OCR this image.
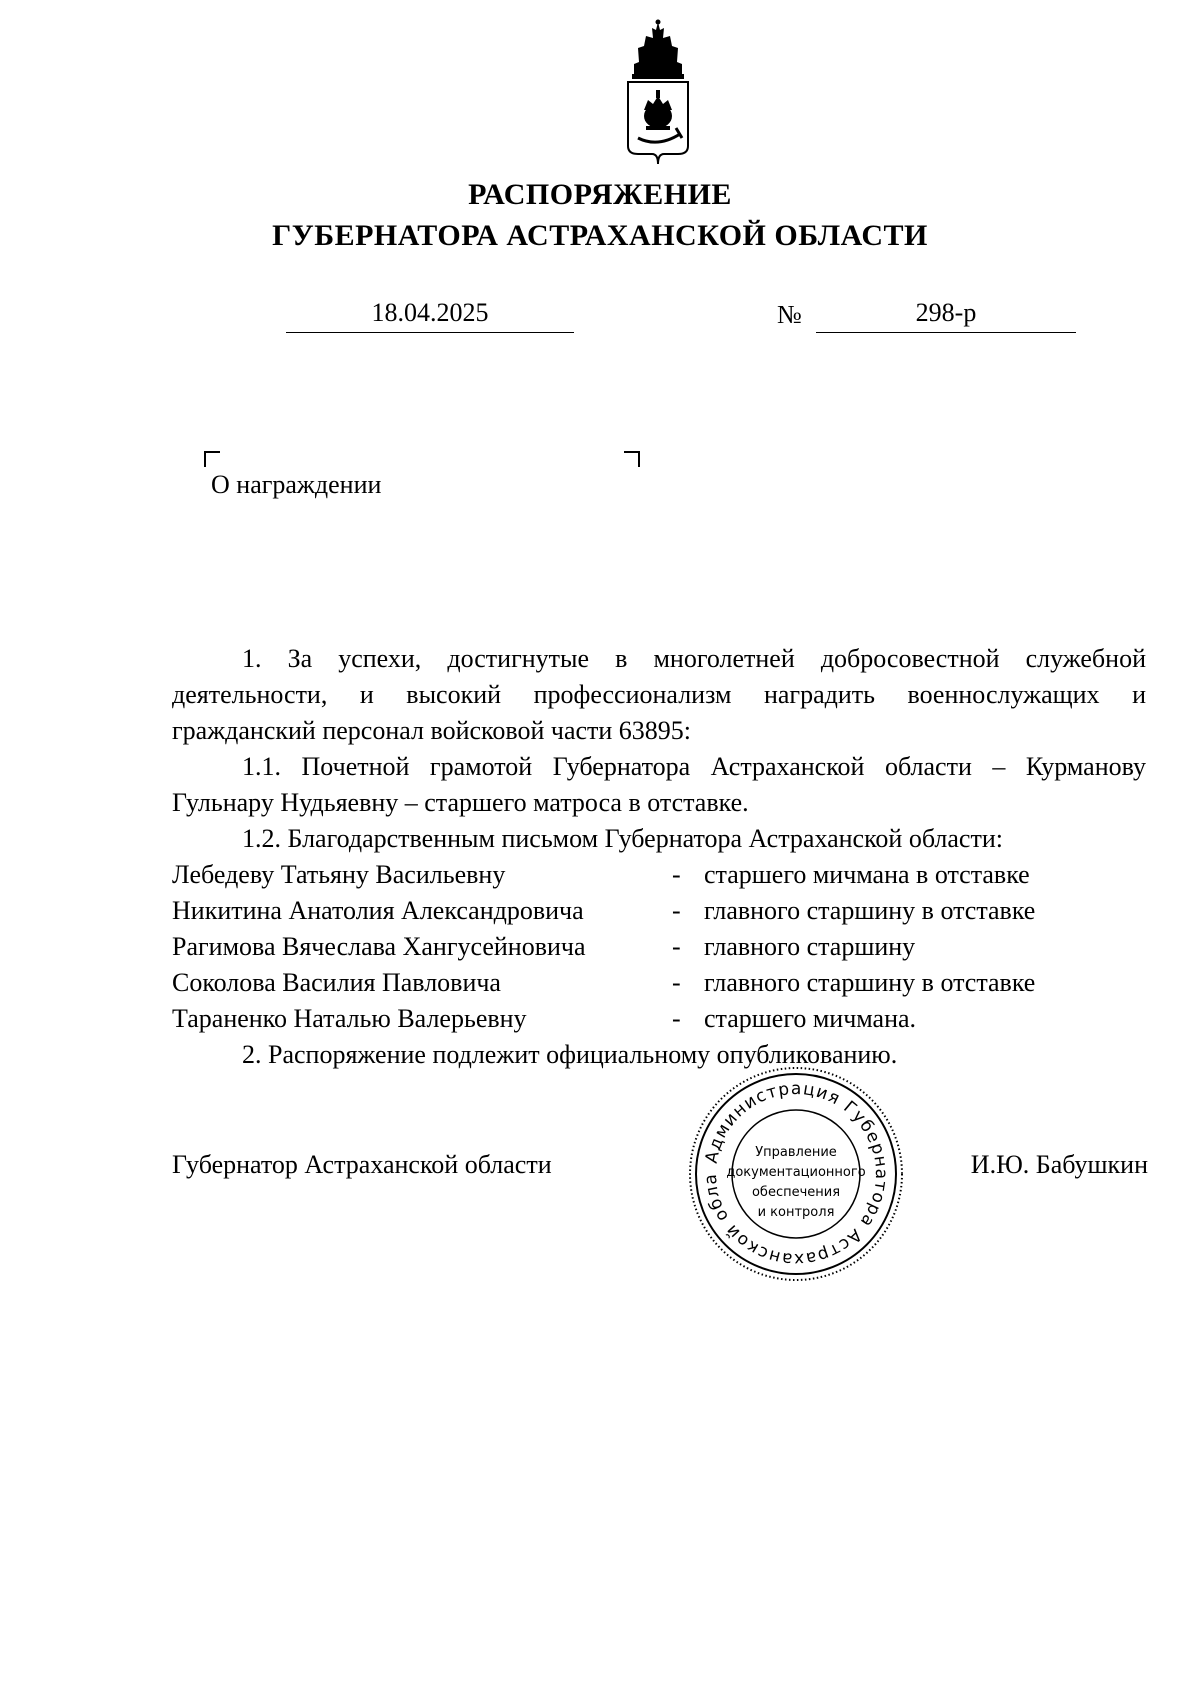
РАСПОРЯЖЕНИЕ
ГУБЕРНАТОРА АСТРАХАНСКОЙ ОБЛАСТИ
18.04.2025	№	298-р
О награждении

1. За успехи, достигнутые в многолетней добросовестной служебной

деятельности, и высокий профессионализм наградить военнослужащих и

гражданский персонал войсковой части 63895:

1.1. Почетной грамотой Губернатора Астраханской области – Курманову

Гульнару Нудьяевну – старшего матроса в отставке.

1.2. Благодарственным письмом Губернатора Астраханской области:

Лебедеву Татьяну Васильевну	- старшего мичмана в отставке
Никитина Анатолия Александровича	- главного старшину в отставке
Рагимова Вячеслава Хангусейновича	- главного старшину
Соколова Василия Павловича	- главного старшину в отставке
Тараненко Наталью Валерьевну	- старшего мичмана.

2. Распоряжение подлежит официальному опубликованию.

Губернатор Астраханской области	И.Ю. Бабушкин
Администрация Губернатора Астраханской обла
Управление
документационного
обеспечения
и контроля
